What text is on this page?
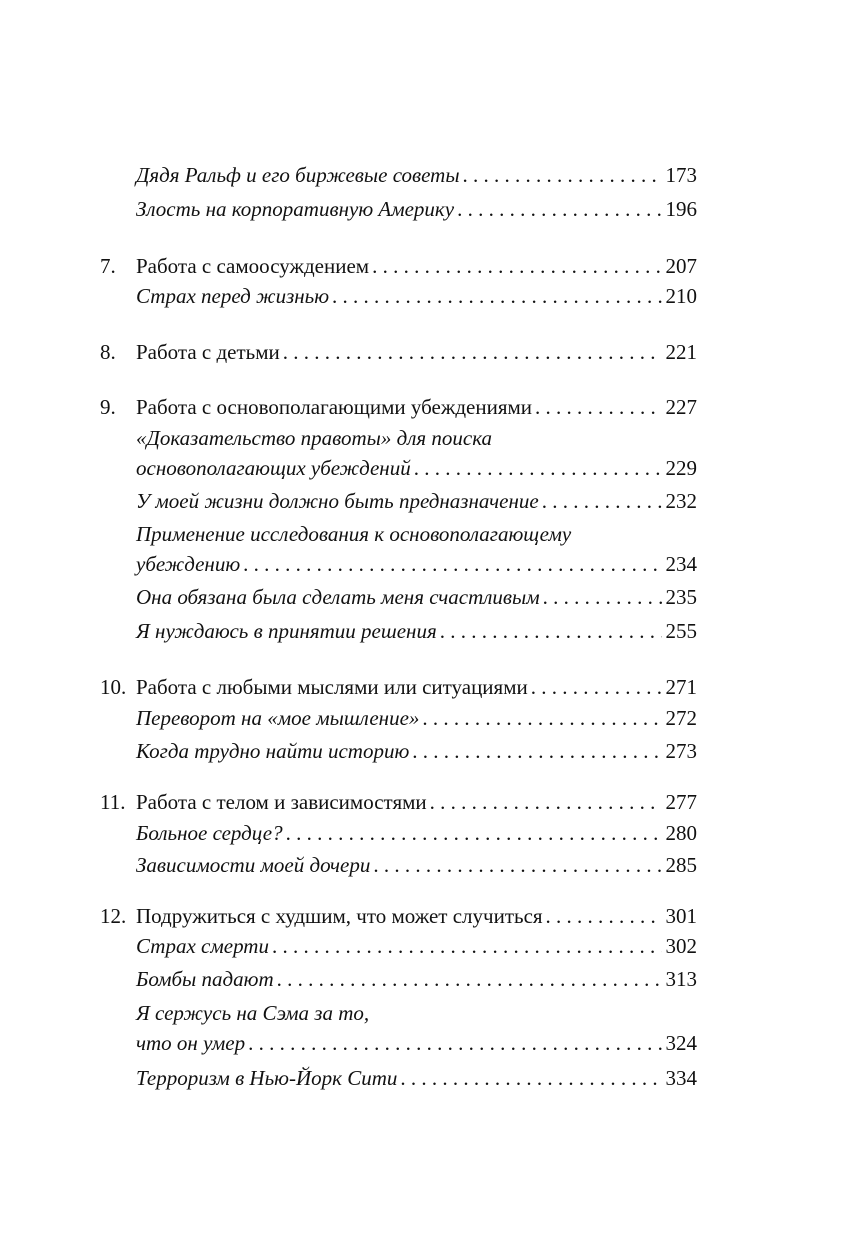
Дядя Ральф и его биржевые советы . . .	173
Злость на корпоративную Америку . . .	196
7. Работа с самоосуждением . . .	207
Страх перед жизнью . . .	210
8. Работа с детьми . . .	221
9. Работа с основополагающими убеждениями . . .	227
«Доказательство правоты» для поиска
основополагающих убеждений . . .	229
У моей жизни должно быть предназначение . . .	232
Применение исследования к основополагающему
убеждению . . .	234
Она обязана была сделать меня счастливым . . .	235
Я нуждаюсь в принятии решения . . .	255
10. Работа с любыми мыслями или ситуациями . . .	271
Переворот на «мое мышление» . . .	272
Когда трудно найти историю . . .	273
11. Работа с телом и зависимостями . . .	277
Больное сердце? . . .	280
Зависимости моей дочери . . .	285
12. Подружиться с худшим, что может случиться . . .	301
Страх смерти . . .	302
Бомбы падают . . .	313
Я сержусь на Сэма за то,
что он умер . . .	324
Терроризм в Нью-Йорк Сити . . .	334
